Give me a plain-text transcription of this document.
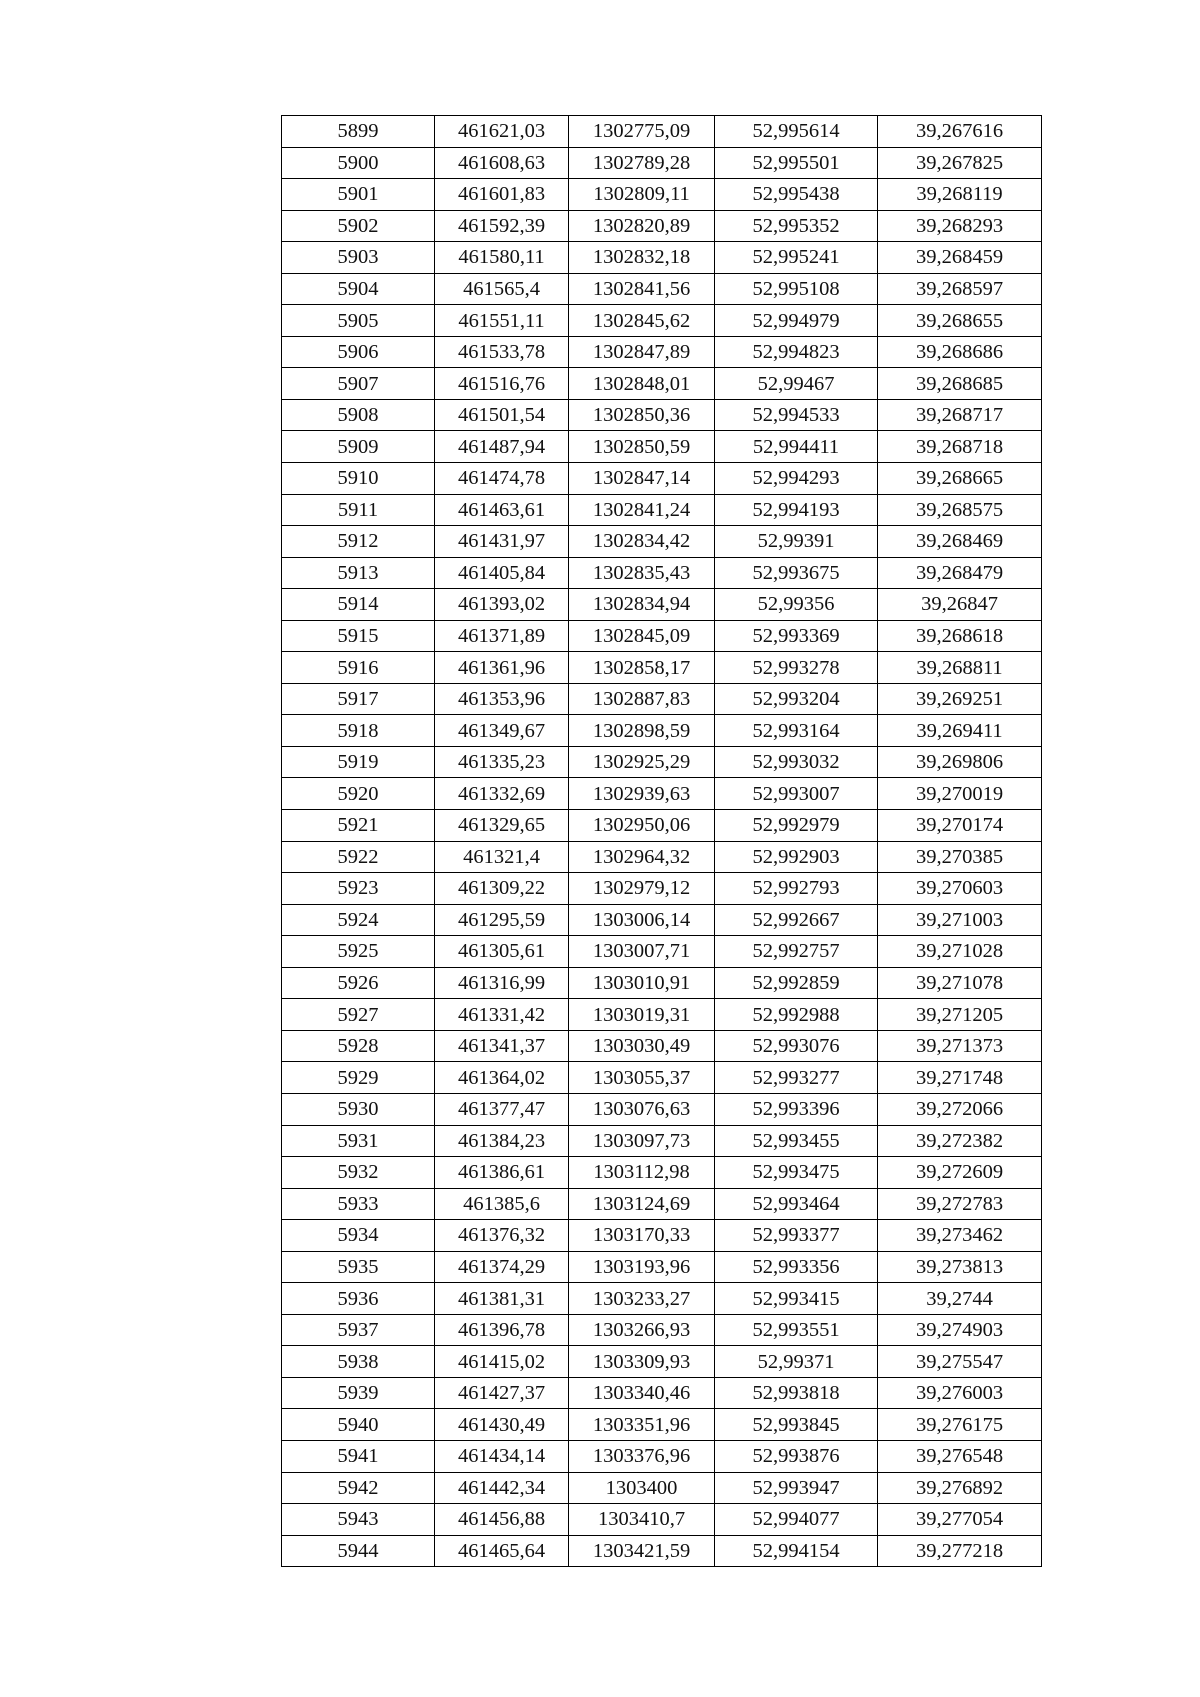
5899	461621,03	1302775,09	52,995614	39,267616
5900	461608,63	1302789,28	52,995501	39,267825
5901	461601,83	1302809,11	52,995438	39,268119
5902	461592,39	1302820,89	52,995352	39,268293
5903	461580,11	1302832,18	52,995241	39,268459
5904	461565,4	1302841,56	52,995108	39,268597
5905	461551,11	1302845,62	52,994979	39,268655
5906	461533,78	1302847,89	52,994823	39,268686
5907	461516,76	1302848,01	52,99467	39,268685
5908	461501,54	1302850,36	52,994533	39,268717
5909	461487,94	1302850,59	52,994411	39,268718
5910	461474,78	1302847,14	52,994293	39,268665
5911	461463,61	1302841,24	52,994193	39,268575
5912	461431,97	1302834,42	52,99391	39,268469
5913	461405,84	1302835,43	52,993675	39,268479
5914	461393,02	1302834,94	52,99356	39,26847
5915	461371,89	1302845,09	52,993369	39,268618
5916	461361,96	1302858,17	52,993278	39,268811
5917	461353,96	1302887,83	52,993204	39,269251
5918	461349,67	1302898,59	52,993164	39,269411
5919	461335,23	1302925,29	52,993032	39,269806
5920	461332,69	1302939,63	52,993007	39,270019
5921	461329,65	1302950,06	52,992979	39,270174
5922	461321,4	1302964,32	52,992903	39,270385
5923	461309,22	1302979,12	52,992793	39,270603
5924	461295,59	1303006,14	52,992667	39,271003
5925	461305,61	1303007,71	52,992757	39,271028
5926	461316,99	1303010,91	52,992859	39,271078
5927	461331,42	1303019,31	52,992988	39,271205
5928	461341,37	1303030,49	52,993076	39,271373
5929	461364,02	1303055,37	52,993277	39,271748
5930	461377,47	1303076,63	52,993396	39,272066
5931	461384,23	1303097,73	52,993455	39,272382
5932	461386,61	1303112,98	52,993475	39,272609
5933	461385,6	1303124,69	52,993464	39,272783
5934	461376,32	1303170,33	52,993377	39,273462
5935	461374,29	1303193,96	52,993356	39,273813
5936	461381,31	1303233,27	52,993415	39,2744
5937	461396,78	1303266,93	52,993551	39,274903
5938	461415,02	1303309,93	52,99371	39,275547
5939	461427,37	1303340,46	52,993818	39,276003
5940	461430,49	1303351,96	52,993845	39,276175
5941	461434,14	1303376,96	52,993876	39,276548
5942	461442,34	1303400	52,993947	39,276892
5943	461456,88	1303410,7	52,994077	39,277054
5944	461465,64	1303421,59	52,994154	39,277218
